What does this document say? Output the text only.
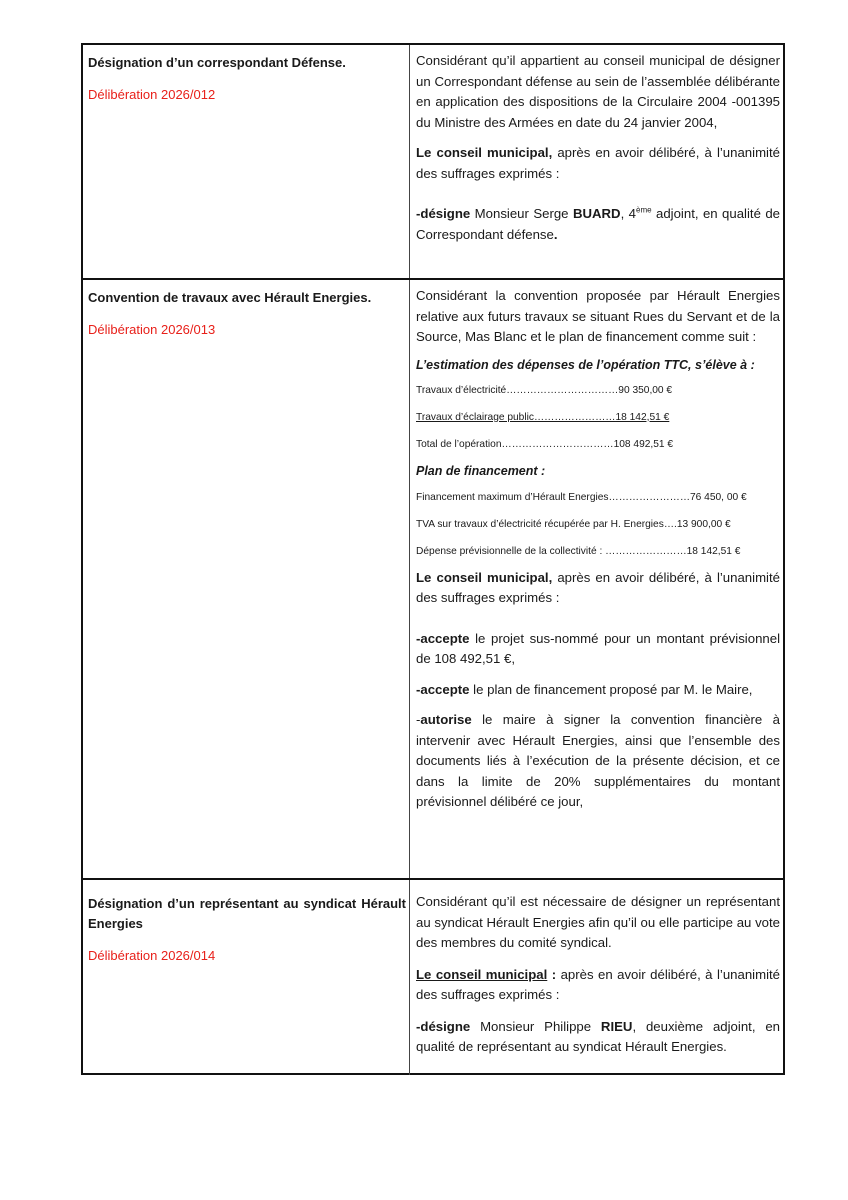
Désignation d’un correspondant Défense.

Délibération 2026/012

Considérant qu’il appartient au conseil municipal de désigner un Correspondant défense au sein de l’assemblée délibérante en application des dispositions de la Circulaire 2004 -001395 du Ministre des Armées en date du 24 janvier 2004,

Le conseil municipal, après en avoir délibéré, à l’unanimité des suffrages exprimés :

-désigne Monsieur Serge BUARD, 4ème adjoint, en qualité de Correspondant défense.

Convention de travaux avec Hérault Energies.

Délibération 2026/013

Considérant la convention proposée par Hérault Energies relative aux futurs travaux se situant Rues du Servant et de la Source, Mas Blanc et le plan de financement comme suit :

L’estimation des dépenses de l’opération TTC, s’élève à :

Travaux d’électricité……………………………90 350,00 €

Travaux d’éclairage public……………………18 142,51 €

Total de l’opération……………………………108 492,51 €

Plan de financement :

Financement maximum d’Hérault Energies……………………76 450, 00 €

TVA sur travaux d’électricité récupérée par H. Energies….13 900,00 €

Dépense prévisionnelle de la collectivité : ……………………18 142,51 €

Le conseil municipal, après en avoir délibéré, à l’unanimité des suffrages exprimés :

-accepte le projet sus-nommé pour un montant prévisionnel de 108 492,51 €,

-accepte le plan de financement proposé par M. le Maire,

-autorise le maire à signer la convention financière à intervenir avec Hérault Energies, ainsi que l’ensemble des documents liés à l’exécution de la présente décision, et ce dans la limite de 20% supplémentaires du montant prévisionnel délibéré ce jour,

Désignation d’un représentant au syndicat Hérault Energies

Délibération 2026/014

Considérant qu’il est nécessaire de désigner un représentant au syndicat Hérault Energies afin qu’il ou elle participe au vote des membres du comité syndical.

Le conseil municipal : après en avoir délibéré, à l’unanimité des suffrages exprimés :

-désigne Monsieur Philippe RIEU, deuxième adjoint, en qualité de représentant au syndicat Hérault Energies.
